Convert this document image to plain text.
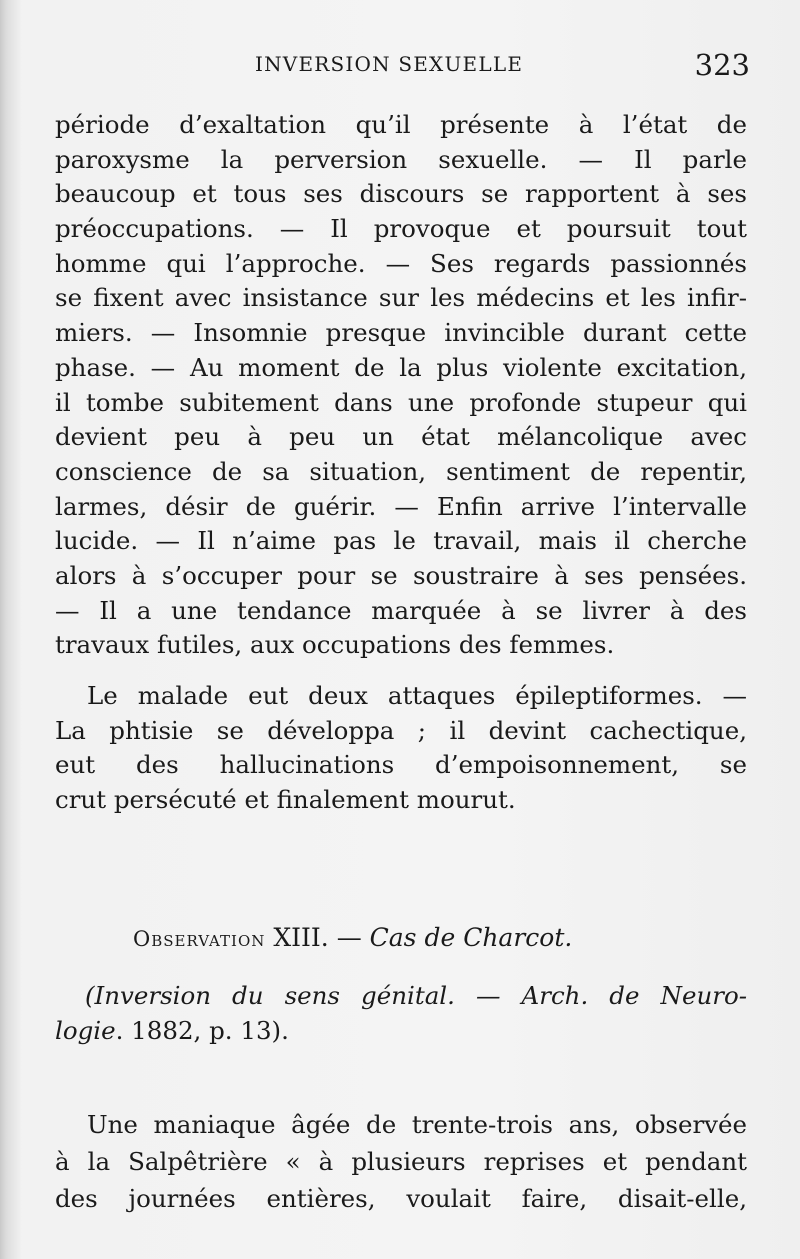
INVERSION SEXUELLE	323
période d’exaltation qu’il présente à l’état de
paroxysme la perversion sexuelle. — Il parle
beaucoup et tous ses discours se rapportent à ses
préoccupations. — Il provoque et poursuit tout
homme qui l’approche. — Ses regards passionnés
se fixent avec insistance sur les médecins et les infir-
miers. — Insomnie presque invincible durant cette
phase. — Au moment de la plus violente excitation,
il tombe subitement dans une profonde stupeur qui
devient peu à peu un état mélancolique avec
conscience de sa situation, sentiment de repentir,
larmes, désir de guérir. — Enfin arrive l’intervalle
lucide. — Il n’aime pas le travail, mais il cherche
alors à s’occuper pour se soustraire à ses pensées.
— Il a une tendance marquée à se livrer à des
travaux futiles, aux occupations des femmes.
Le malade eut deux attaques épileptiformes. —
La phtisie se développa ; il devint cachectique,
eut des hallucinations d’empoisonnement, se
crut persécuté et finalement mourut.
Observation XIII. — Cas de Charcot.
(Inversion du sens génital. — Arch. de Neuro-
logie. 1882, p. 13).
Une maniaque âgée de trente-trois ans, observée
à la Salpêtrière « à plusieurs reprises et pendant
des journées entières, voulait faire, disait-elle,
